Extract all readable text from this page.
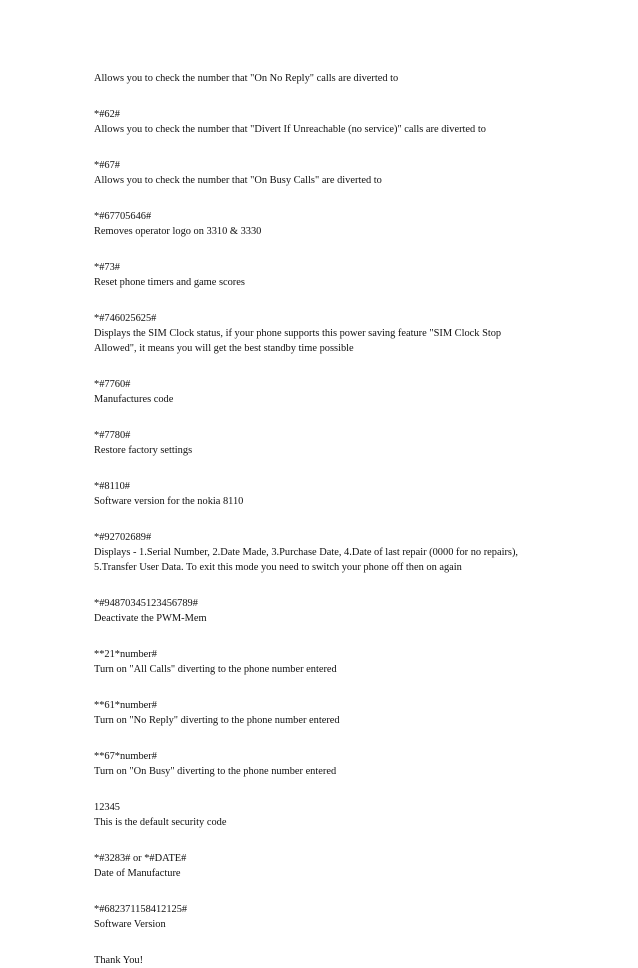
Allows you to check the number that "On No Reply" calls are diverted to

*#62#
Allows you to check the number that "Divert If Unreachable (no service)" calls are diverted to
*#67#
Allows you to check the number that "On Busy Calls" are diverted to
*#67705646#
Removes operator logo on 3310 & 3330
*#73#
Reset phone timers and game scores
*#746025625#
Displays the SIM Clock status, if your phone supports this power saving feature "SIM Clock Stop Allowed", it means you will get the best standby time possible
*#7760#
Manufactures code
*#7780#
Restore factory settings
*#8110#
Software version for the nokia 8110
*#92702689#
Displays - 1.Serial Number, 2.Date Made, 3.Purchase Date, 4.Date of last repair (0000 for no repairs), 5.Transfer User Data. To exit this mode you need to switch your phone off then on again
*#94870345123456789#
Deactivate the PWM-Mem
**21*number#
Turn on "All Calls" diverting to the phone number entered
**61*number#
Turn on "No Reply" diverting to the phone number entered
**67*number#
Turn on "On Busy" diverting to the phone number entered
12345
This is the default security code
*#3283# or *#DATE#
Date of Manufacture
*#682371158412125#
Software Version

Thank You!
